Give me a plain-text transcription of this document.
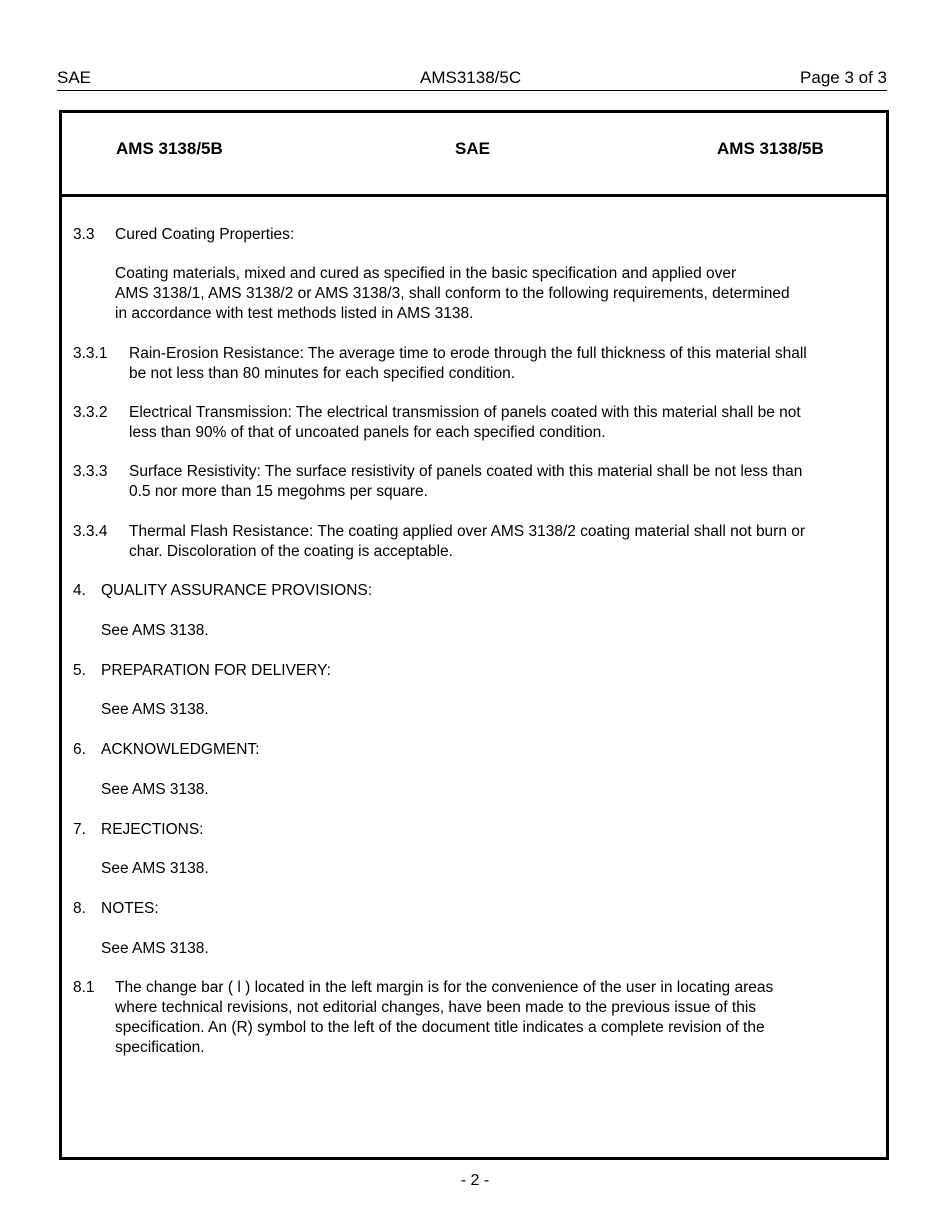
SAE	AMS3138/5C	Page 3 of 3
AMS 3138/5B	SAE	AMS 3138/5B
3.3 Cured Coating Properties:
Coating materials, mixed and cured as specified in the basic specification and applied over
AMS 3138/1, AMS 3138/2 or AMS 3138/3, shall conform to the following requirements, determined
in accordance with test methods listed in AMS 3138.
3.3.1 Rain-Erosion Resistance: The average time to erode through the full thickness of this material shall
be not less than 80 minutes for each specified condition.
3.3.2 Electrical Transmission: The electrical transmission of panels coated with this material shall be not
less than 90% of that of uncoated panels for each specified condition.
3.3.3 Surface Resistivity: The surface resistivity of panels coated with this material shall be not less than
0.5 nor more than 15 megohms per square.
3.3.4 Thermal Flash Resistance: The coating applied over AMS 3138/2 coating material shall not burn or
char. Discoloration of the coating is acceptable.
4. QUALITY ASSURANCE PROVISIONS:
See AMS 3138.
5. PREPARATION FOR DELIVERY:
See AMS 3138.
6. ACKNOWLEDGMENT:
See AMS 3138.
7. REJECTIONS:
See AMS 3138.
8. NOTES:
See AMS 3138.
8.1 The change bar ( l ) located in the left margin is for the convenience of the user in locating areas
where technical revisions, not editorial changes, have been made to the previous issue of this
specification. An (R) symbol to the left of the document title indicates a complete revision of the
specification.
- 2 -
